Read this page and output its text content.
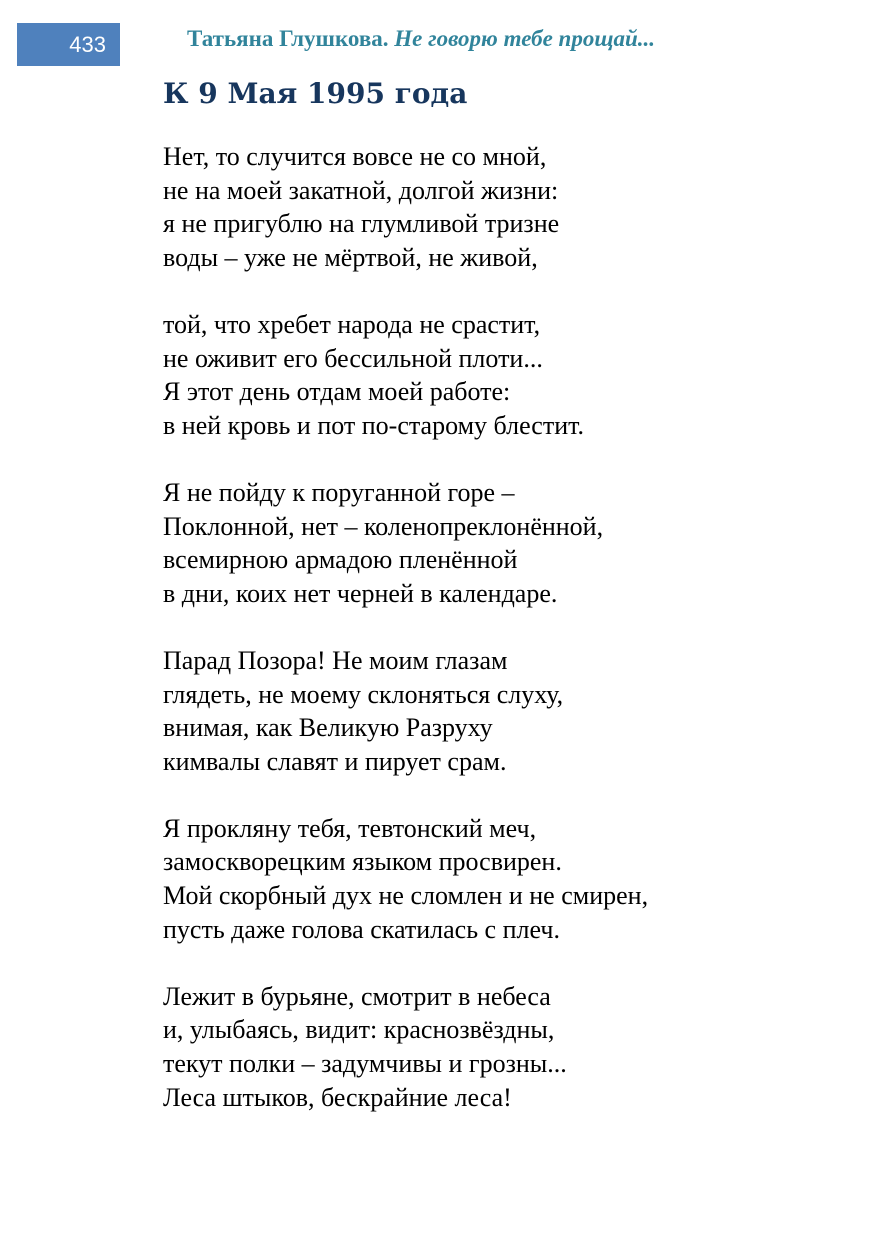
433	Татьяна Глушкова. Не говорю тебе прощай...
К 9 Мая 1995 года

Нет, то случится вовсе не со мной,
не на моей закатной, долгой жизни:
я не пригублю на глумливой тризне
воды – уже не мёртвой, не живой,

той, что хребет народа не срастит,
не оживит его бессильной плоти...
Я этот день отдам моей работе:
в ней кровь и пот по-старому блестит.

Я не пойду к поруганной горе –
Поклонной, нет – коленопреклонённой,
всемирною армадою пленённой
в дни, коих нет черней в календаре.

Парад Позора! Не моим глазам
глядеть, не моему склоняться слуху,
внимая, как Великую Разруху
кимвалы славят и пирует срам.

Я прокляну тебя, тевтонский меч,
замоскворецким языком просвирен.
Мой скорбный дух не сломлен и не смирен,
пусть даже голова скатилась с плеч.

Лежит в бурьяне, смотрит в небеса
и, улыбаясь, видит: краснозвёздны,
текут полки – задумчивы и грозны...
Леса штыков, бескрайние леса!
